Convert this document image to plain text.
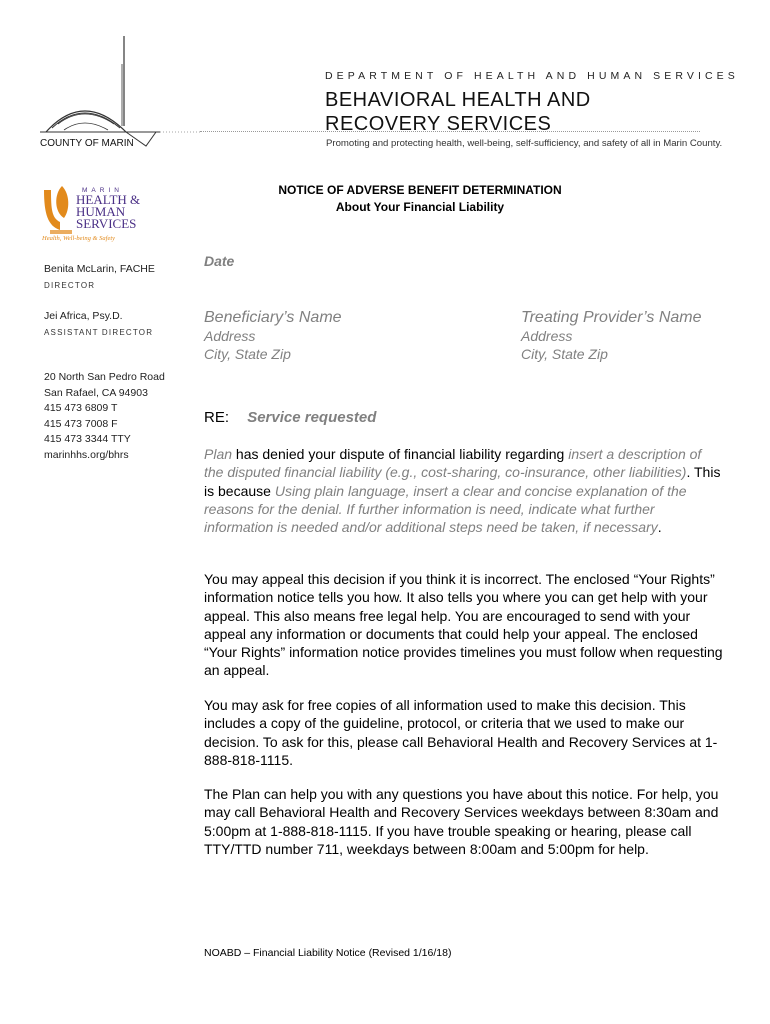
COUNTY OF MARIN
DEPARTMENT OF HEALTH AND HUMAN SERVICES
BEHAVIORAL HEALTH AND
RECOVERY SERVICES
Promoting and protecting health, well-being, self-sufficiency, and safety of all in Marin County.
MARIN
HEALTH &
HUMAN
SERVICES
Health, Well-being & Safety
Benita McLarin, FACHE
DIRECTOR
Jei Africa, Psy.D.
ASSISTANT DIRECTOR
20 North San Pedro Road
San Rafael, CA 94903
415 473 6809 T
415 473 7008 F
415 473 3344 TTY
marinhhs.org/bhrs
NOTICE OF ADVERSE BENEFIT DETERMINATION
About Your Financial Liability
Date
Beneficiary’s Name
Address
City, State Zip
Treating Provider’s Name
Address
City, State Zip
RE: Service requested
Plan has denied your dispute of financial liability regarding insert a description of the disputed financial liability (e.g., cost-sharing, co-insurance, other liabilities). This is because Using plain language, insert a clear and concise explanation of the reasons for the denial. If further information is need, indicate what further information is needed and/or additional steps need be taken, if necessary.
You may appeal this decision if you think it is incorrect. The enclosed “Your Rights” information notice tells you how. It also tells you where you can get help with your appeal. This also means free legal help. You are encouraged to send with your appeal any information or documents that could help your appeal. The enclosed “Your Rights” information notice provides timelines you must follow when requesting an appeal.
You may ask for free copies of all information used to make this decision. This includes a copy of the guideline, protocol, or criteria that we used to make our decision. To ask for this, please call Behavioral Health and Recovery Services at 1-888-818-1115.
The Plan can help you with any questions you have about this notice. For help, you may call Behavioral Health and Recovery Services weekdays between 8:30am and 5:00pm at 1-888-818-1115. If you have trouble speaking or hearing, please call TTY/TTD number 711, weekdays between 8:00am and 5:00pm for help.
NOABD – Financial Liability Notice (Revised 1/16/18)
